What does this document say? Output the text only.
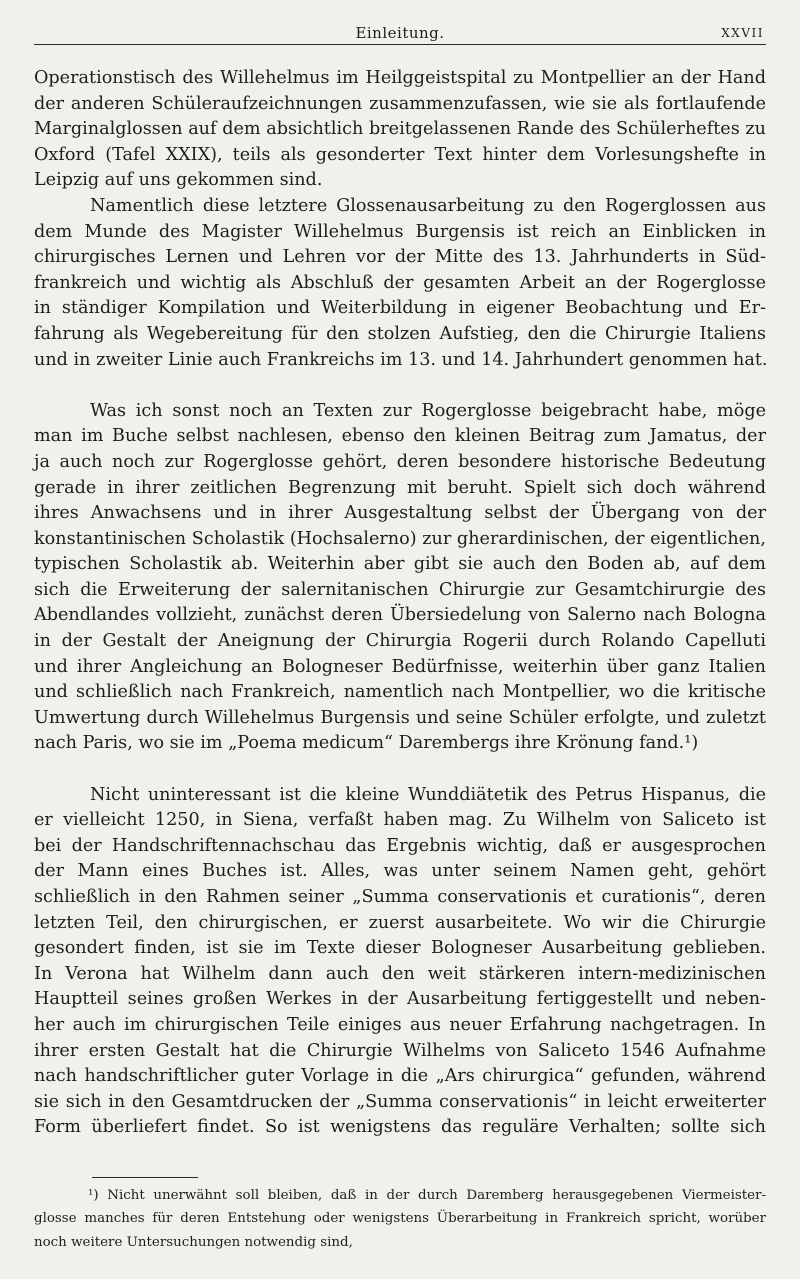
Einleitung.	XXVII
Operationstisch des Willehelmus im Heilggeistspital zu Montpellier an der Hand
der anderen Schüleraufzeichnungen zusammenzufassen, wie sie als fortlaufende
Marginalglossen auf dem absichtlich breitgelassenen Rande des Schülerheftes zu
Oxford (Tafel XXIX), teils als gesonderter Text hinter dem Vorlesungshefte in
Leipzig auf uns gekommen sind.
Namentlich diese letztere Glossenausarbeitung zu den Rogerglossen aus
dem Munde des Magister Willehelmus Burgensis ist reich an Einblicken in
chirurgisches Lernen und Lehren vor der Mitte des 13. Jahrhunderts in Süd-
frankreich und wichtig als Abschluß der gesamten Arbeit an der Rogerglosse
in ständiger Kompilation und Weiterbildung in eigener Beobachtung und Er-
fahrung als Wegebereitung für den stolzen Aufstieg, den die Chirurgie Italiens
und in zweiter Linie auch Frankreichs im 13. und 14. Jahrhundert genommen hat.
Was ich sonst noch an Texten zur Rogerglosse beigebracht habe, möge
man im Buche selbst nachlesen, ebenso den kleinen Beitrag zum Jamatus, der
ja auch noch zur Rogerglosse gehört, deren besondere historische Bedeutung
gerade in ihrer zeitlichen Begrenzung mit beruht. Spielt sich doch während
ihres Anwachsens und in ihrer Ausgestaltung selbst der Übergang von der
konstantinischen Scholastik (Hochsalerno) zur gherardinischen, der eigentlichen,
typischen Scholastik ab. Weiterhin aber gibt sie auch den Boden ab, auf dem
sich die Erweiterung der salernitanischen Chirurgie zur Gesamtchirurgie des
Abendlandes vollzieht, zunächst deren Übersiedelung von Salerno nach Bologna
in der Gestalt der Aneignung der Chirurgia Rogerii durch Rolando Capelluti
und ihrer Angleichung an Bologneser Bedürfnisse, weiterhin über ganz Italien
und schließlich nach Frankreich, namentlich nach Montpellier, wo die kritische
Umwertung durch Willehelmus Burgensis und seine Schüler erfolgte, und zuletzt
nach Paris, wo sie im „Poema medicum“ Darembergs ihre Krönung fand.¹)
Nicht uninteressant ist die kleine Wunddiätetik des Petrus Hispanus, die
er vielleicht 1250, in Siena, verfaßt haben mag. Zu Wilhelm von Saliceto ist
bei der Handschriftennachschau das Ergebnis wichtig, daß er ausgesprochen
der Mann eines Buches ist. Alles, was unter seinem Namen geht, gehört
schließlich in den Rahmen seiner „Summa conservationis et curationis“, deren
letzten Teil, den chirurgischen, er zuerst ausarbeitete. Wo wir die Chirurgie
gesondert finden, ist sie im Texte dieser Bologneser Ausarbeitung geblieben.
In Verona hat Wilhelm dann auch den weit stärkeren intern-medizinischen
Hauptteil seines großen Werkes in der Ausarbeitung fertiggestellt und neben-
her auch im chirurgischen Teile einiges aus neuer Erfahrung nachgetragen. In
ihrer ersten Gestalt hat die Chirurgie Wilhelms von Saliceto 1546 Aufnahme
nach handschriftlicher guter Vorlage in die „Ars chirurgica“ gefunden, während
sie sich in den Gesamtdrucken der „Summa conservationis“ in leicht erweiterter
Form überliefert findet. So ist wenigstens das reguläre Verhalten; sollte sich
¹) Nicht unerwähnt soll bleiben, daß in der durch Daremberg herausgegebenen Viermeister-
glosse manches für deren Entstehung oder wenigstens Überarbeitung in Frankreich spricht, worüber
noch weitere Untersuchungen notwendig sind,
